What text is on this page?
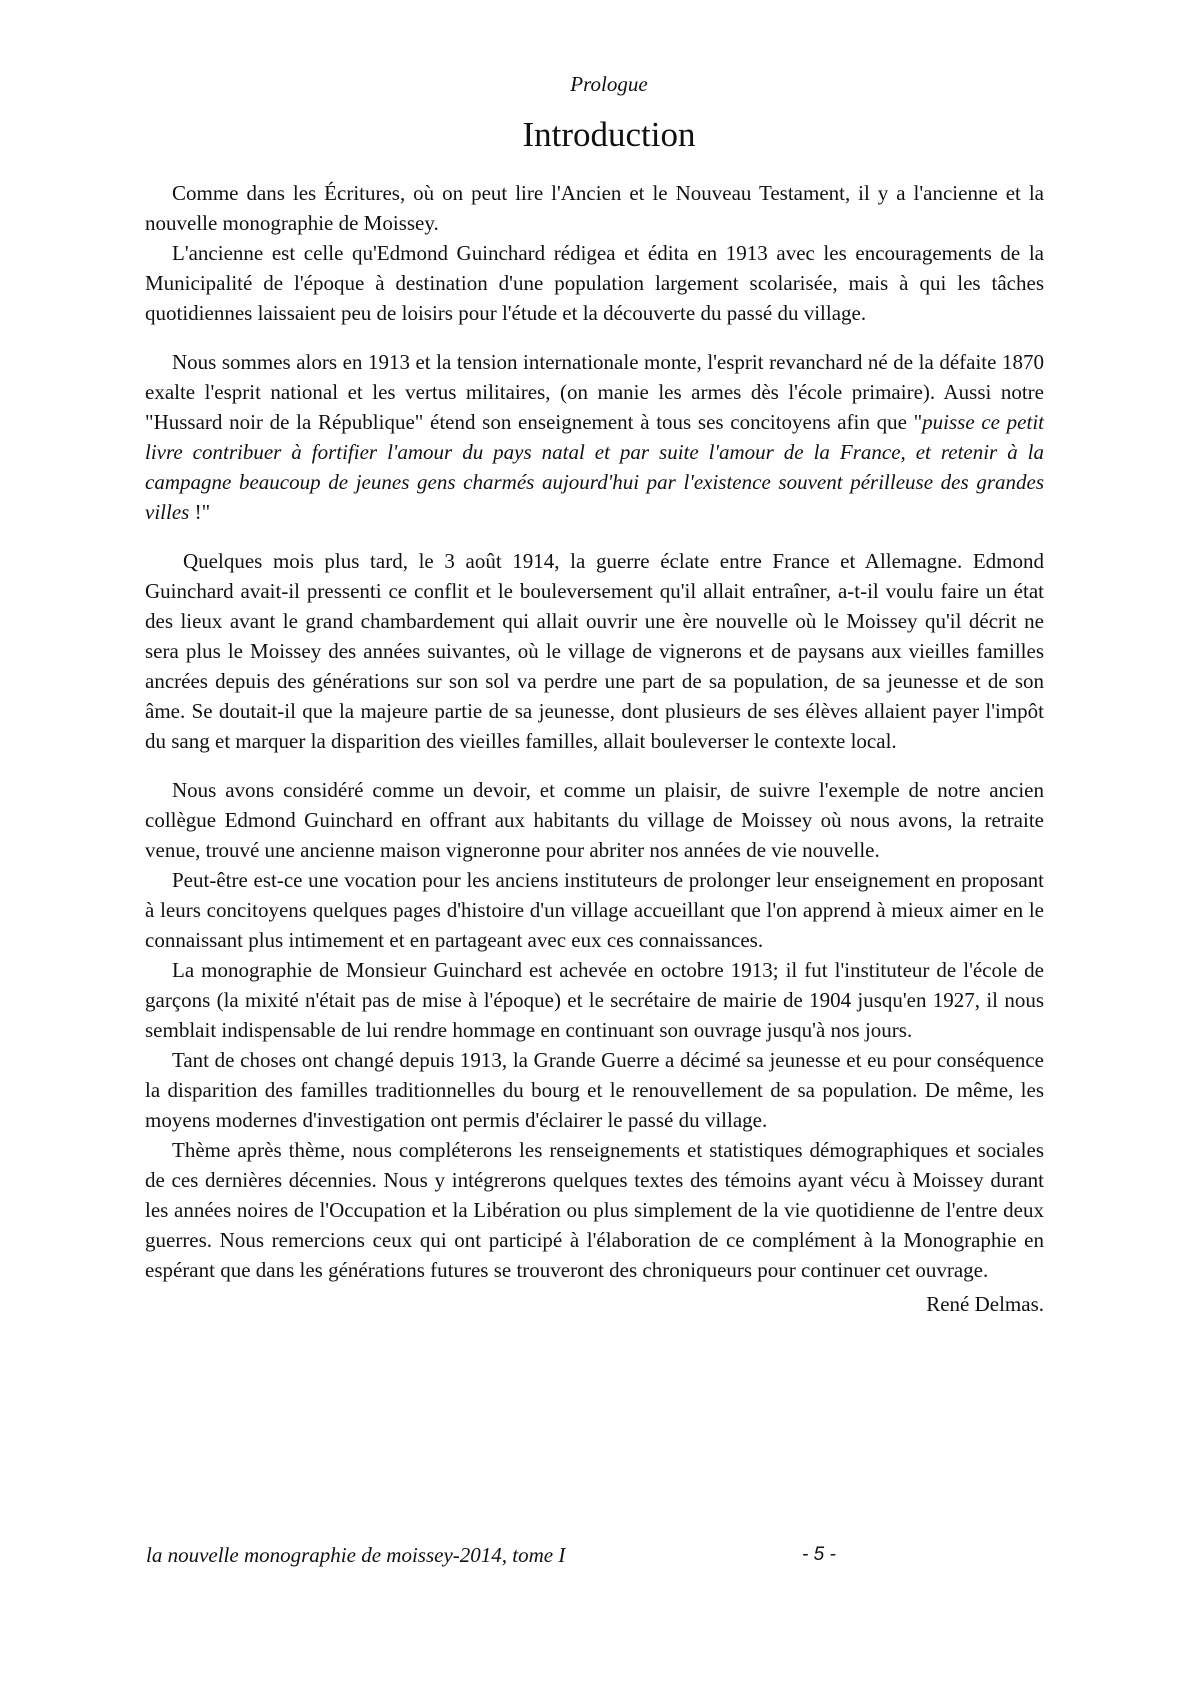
Prologue
Introduction

Comme dans les Écritures, où on peut lire l'Ancien et le Nouveau Testament, il y a l'ancienne et la nouvelle monographie de Moissey.

L'ancienne est celle qu'Edmond Guinchard rédigea et édita en 1913 avec les encouragements de la Municipalité de l'époque à destination d'une population largement scolarisée, mais à qui les tâches quotidiennes laissaient peu de loisirs pour l'étude et la découverte du passé du village.

Nous sommes alors en 1913 et la tension internationale monte, l'esprit revanchard né de la défaite 1870 exalte l'esprit national et les vertus militaires, (on manie les armes dès l'école primaire). Aussi notre "Hussard noir de la République" étend son enseignement à tous ses concitoyens afin que "puisse ce petit livre contribuer à fortifier l'amour du pays natal et par suite l'amour de la France, et retenir à la campagne beaucoup de jeunes gens charmés aujourd'hui par l'existence souvent périlleuse des grandes villes !"

Quelques mois plus tard, le 3 août 1914, la guerre éclate entre France et Allemagne. Edmond Guinchard avait-il pressenti ce conflit et le bouleversement qu'il allait entraîner, a-t-il voulu faire un état des lieux avant le grand chambardement qui allait ouvrir une ère nouvelle où le Moissey qu'il décrit ne sera plus le Moissey des années suivantes, où le village de vignerons et de paysans aux vieilles familles ancrées depuis des générations sur son sol va perdre une part de sa population, de sa jeunesse et de son âme. Se doutait-il que la majeure partie de sa jeunesse, dont plusieurs de ses élèves allaient payer l'impôt du sang et marquer la disparition des vieilles familles, allait bouleverser le contexte local.

Nous avons considéré comme un devoir, et comme un plaisir, de suivre l'exemple de notre ancien collègue Edmond Guinchard en offrant aux habitants du village de Moissey où nous avons, la retraite venue, trouvé une ancienne maison vigneronne pour abriter nos années de vie nouvelle.

Peut-être est-ce une vocation pour les anciens instituteurs de prolonger leur enseignement en proposant à leurs concitoyens quelques pages d'histoire d'un village accueillant que l'on apprend à mieux aimer en le connaissant plus intimement et en partageant avec eux ces connaissances.

La monographie de Monsieur Guinchard est achevée en octobre 1913; il fut l'instituteur de l'école de garçons (la mixité n'était pas de mise à l'époque) et le secrétaire de mairie de 1904 jusqu'en 1927, il nous semblait indispensable de lui rendre hommage en continuant son ouvrage jusqu'à nos jours.

Tant de choses ont changé depuis 1913, la Grande Guerre a décimé sa jeunesse et eu pour conséquence la disparition des familles traditionnelles du bourg et le renouvellement de sa population. De même, les moyens modernes d'investigation ont permis d'éclairer le passé du village.

Thème après thème, nous compléterons les renseignements et statistiques démographiques et sociales de ces dernières décennies. Nous y intégrerons quelques textes des témoins ayant vécu à Moissey durant les années noires de l'Occupation et la Libération ou plus simplement de la vie quotidienne de l'entre deux guerres. Nous remercions ceux qui ont participé à l'élaboration de ce complément à la Monographie en espérant que dans les générations futures se trouveront des chroniqueurs pour continuer cet ouvrage.

René Delmas.
la nouvelle monographie de moissey-2014, tome I	- 5 -
